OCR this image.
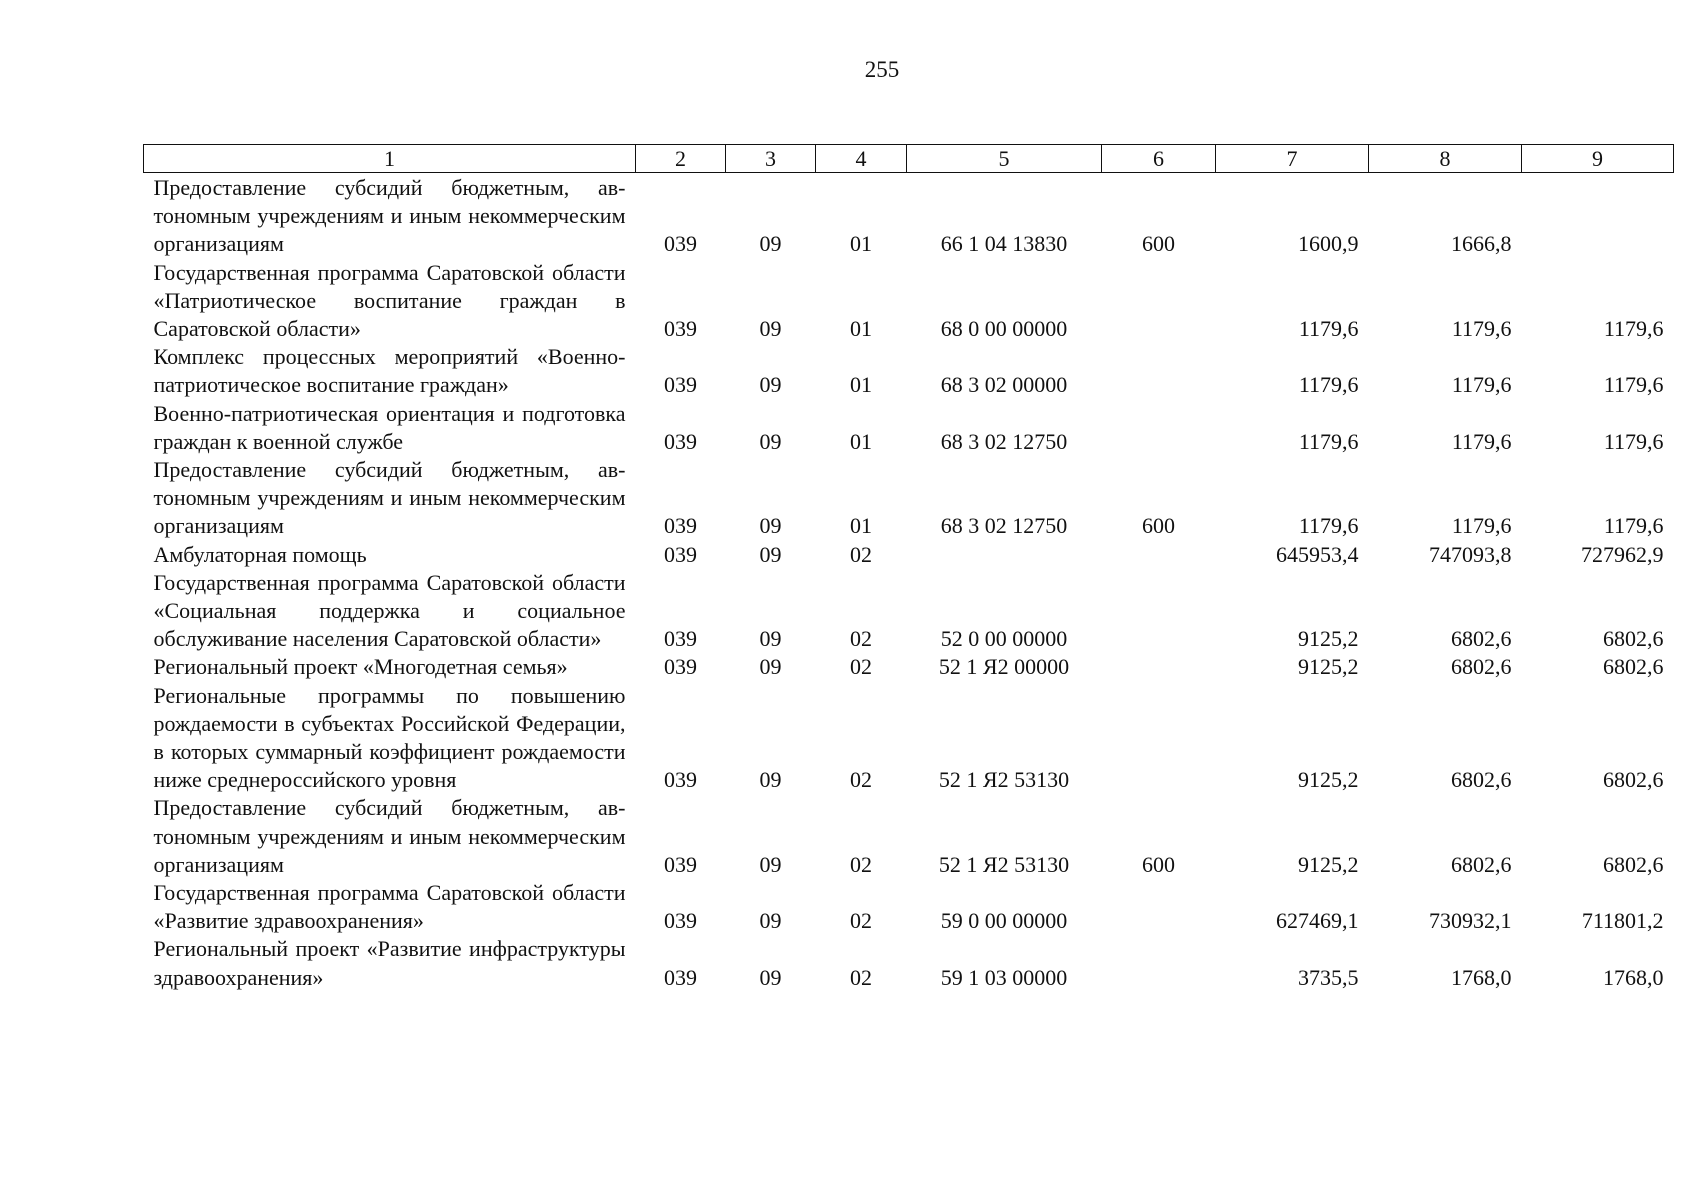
255
1	2	3	4	5	6	7	8	9
Предоставление субсидий бюджетным, автономным учреждениям и иным некоммерческим организациям	039	09	01	66 1 04 13830	600	1600,9	1666,8	
Государственная программа Саратовской области «Патриотическое воспитание граждан в Саратовской области»	039	09	01	68 0 00 00000		1179,6	1179,6	1179,6
Комплекс процессных мероприятий «Военно-патриотическое воспитание граждан»	039	09	01	68 3 02 00000		1179,6	1179,6	1179,6
Военно-патриотическая ориентация и подготовка граждан к военной службе	039	09	01	68 3 02 12750		1179,6	1179,6	1179,6
Предоставление субсидий бюджетным, автономным учреждениям и иным некоммерческим организациям	039	09	01	68 3 02 12750	600	1179,6	1179,6	1179,6
Амбулаторная помощь	039	09	02			645953,4	747093,8	727962,9
Государственная программа Саратовской области «Социальная поддержка и социальное обслуживание населения Саратовской области»	039	09	02	52 0 00 00000		9125,2	6802,6	6802,6
Региональный проект «Многодетная семья»	039	09	02	52 1 Я2 00000		9125,2	6802,6	6802,6
Региональные программы по повышению рождаемости в субъектах Российской Федерации, в которых суммарный коэффициент рождаемости ниже среднероссийского уровня	039	09	02	52 1 Я2 53130		9125,2	6802,6	6802,6
Предоставление субсидий бюджетным, автономным учреждениям и иным некоммерческим организациям	039	09	02	52 1 Я2 53130	600	9125,2	6802,6	6802,6
Государственная программа Саратовской области «Развитие здравоохранения»	039	09	02	59 0 00 00000		627469,1	730932,1	711801,2
Региональный проект «Развитие инфраструктуры здравоохранения»	039	09	02	59 1 03 00000		3735,5	1768,0	1768,0
